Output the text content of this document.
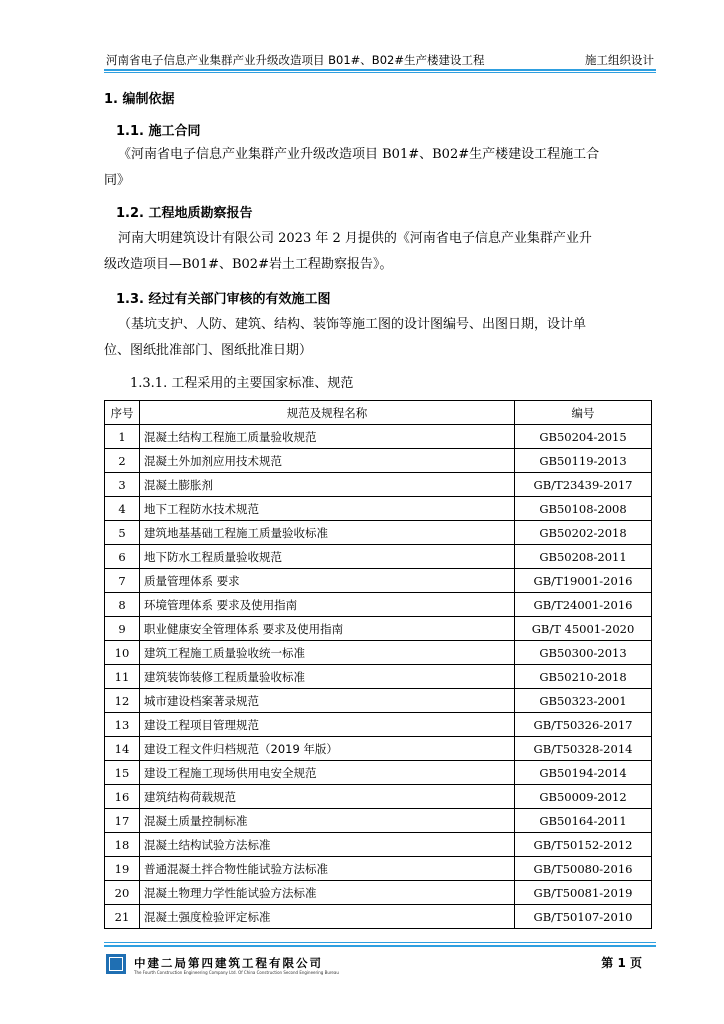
河南省电子信息产业集群产业升级改造项目 B01#、B02#生产楼建设工程	施工组织设计
1. 编制依据
1.1. 施工合同
《河南省电子信息产业集群产业升级改造项目 B01#、B02#生产楼建设工程施工合
同》
1.2. 工程地质勘察报告
河南大明建筑设计有限公司 2023 年 2 月提供的《河南省电子信息产业集群产业升
级改造项目—B01#、B02#岩土工程勘察报告》。
1.3. 经过有关部门审核的有效施工图
（基坑支护、人防、建筑、结构、装饰等施工图的设计图编号、出图日期，设计单
位、图纸批准部门、图纸批准日期）
1.3.1. 工程采用的主要国家标准、规范
序号	规范及规程名称	编号
1	混凝土结构工程施工质量验收规范	GB50204-2015
2	混凝土外加剂应用技术规范	GB50119-2013
3	混凝土膨胀剂	GB/T23439-2017
4	地下工程防水技术规范	GB50108-2008
5	建筑地基基础工程施工质量验收标准	GB50202-2018
6	地下防水工程质量验收规范	GB50208-2011
7	质量管理体系 要求	GB/T19001-2016
8	环境管理体系 要求及使用指南	GB/T24001-2016
9	职业健康安全管理体系 要求及使用指南	GB/T 45001-2020
10	建筑工程施工质量验收统一标准	GB50300-2013
11	建筑装饰装修工程质量验收标准	GB50210-2018
12	城市建设档案著录规范	GB50323-2001
13	建设工程项目管理规范	GB/T50326-2017
14	建设工程文件归档规范（2019 年版）	GB/T50328-2014
15	建设工程施工现场供用电安全规范	GB50194-2014
16	建筑结构荷载规范	GB50009-2012
17	混凝土质量控制标准	GB50164-2011
18	混凝土结构试验方法标准	GB/T50152-2012
19	普通混凝土拌合物性能试验方法标准	GB/T50080-2016
20	混凝土物理力学性能试验方法标准	GB/T50081-2019
21	混凝土强度检验评定标准	GB/T50107-2010
中建二局第四建筑工程有限公司
The Fourth Construction Engineering Company Ltd. Of China Construction Second Engineering Bureau
第 1 页
